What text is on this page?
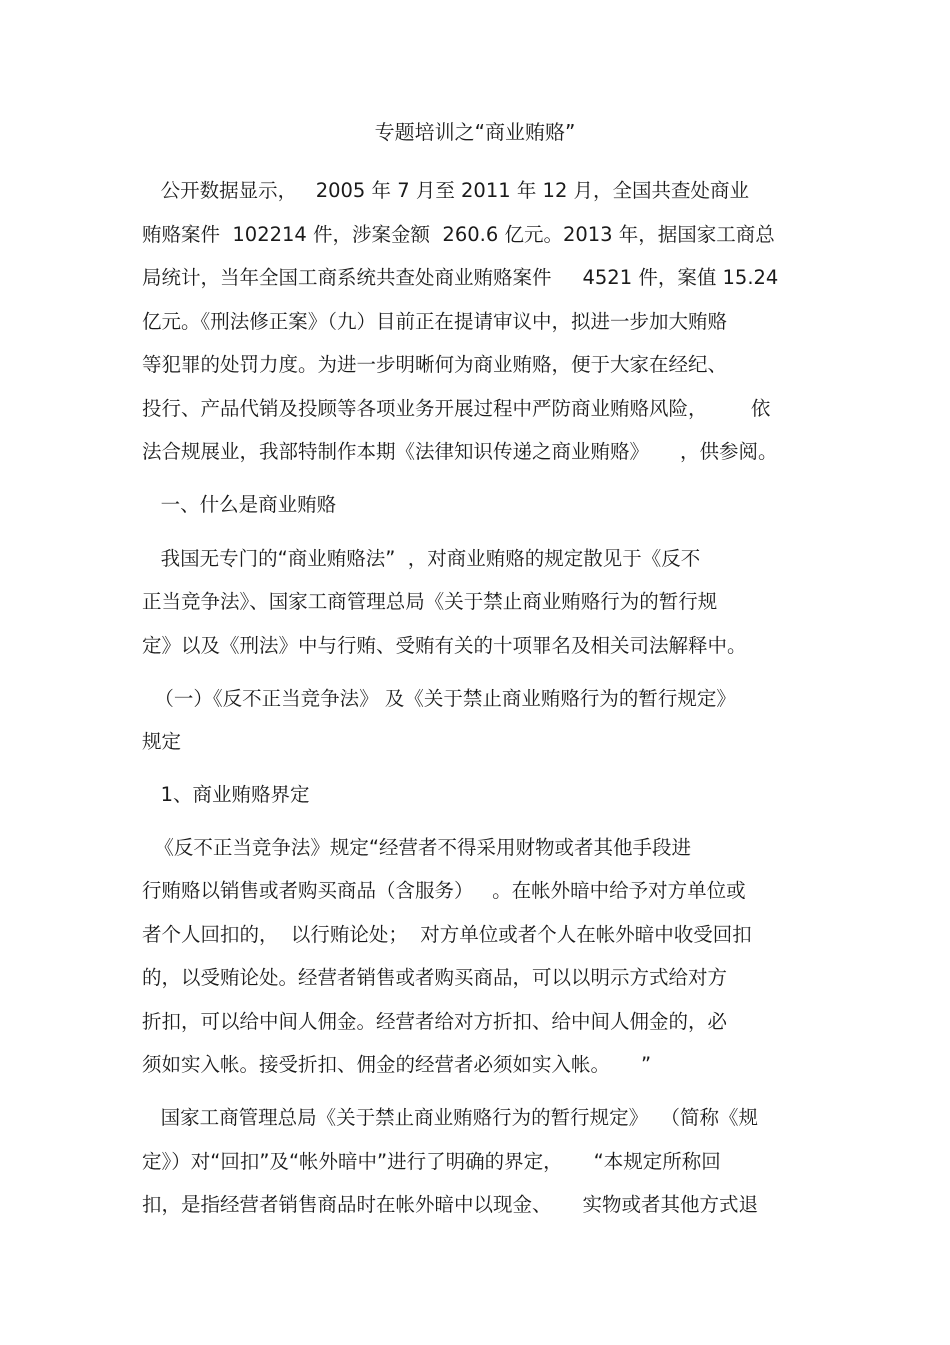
专题培训之“商业贿赂”
公开数据显示，   2005 年 7 月至 2011 年 12 月，全国共查处商业
贿赂案件  102214 件，涉案金额  260.6 亿元。2013 年，据国家工商总
局统计，当年全国工商系统共查处商业贿赂案件     4521 件，案值 15.24
亿元。《刑法修正案》（九）目前正在提请审议中，拟进一步加大贿赂
等犯罪的处罚力度。为进一步明晰何为商业贿赂，便于大家在经纪、
投行、产品代销及投顾等各项业务开展过程中严防商业贿赂风险，       依
法合规展业，我部特制作本期《法律知识传递之商业贿赂》     ，供参阅。
一、什么是商业贿赂
我国无专门的“商业贿赂法”  ，对商业贿赂的规定散见于《反不
正当竞争法》、国家工商管理总局《关于禁止商业贿赂行为的暂行规
定》以及《刑法》中与行贿、受贿有关的十项罪名及相关司法解释中。
（一）《反不正当竞争法》 及《关于禁止商业贿赂行为的暂行规定》
规定
1、商业贿赂界定
《反不正当竞争法》规定“经营者不得采用财物或者其他手段进
行贿赂以销售或者购买商品（含服务）   。在帐外暗中给予对方单位或
者个人回扣的，  以行贿论处；  对方单位或者个人在帐外暗中收受回扣
的，以受贿论处。经营者销售或者购买商品，可以以明示方式给对方
折扣，可以给中间人佣金。经营者给对方折扣、给中间人佣金的，必
须如实入帐。接受折扣、佣金的经营者必须如实入帐。     ”
国家工商管理总局《关于禁止商业贿赂行为的暂行规定》  （简称《规
定》）对“回扣”及“帐外暗中”进行了明确的界定，     “本规定所称回
扣，是指经营者销售商品时在帐外暗中以现金、     实物或者其他方式退
